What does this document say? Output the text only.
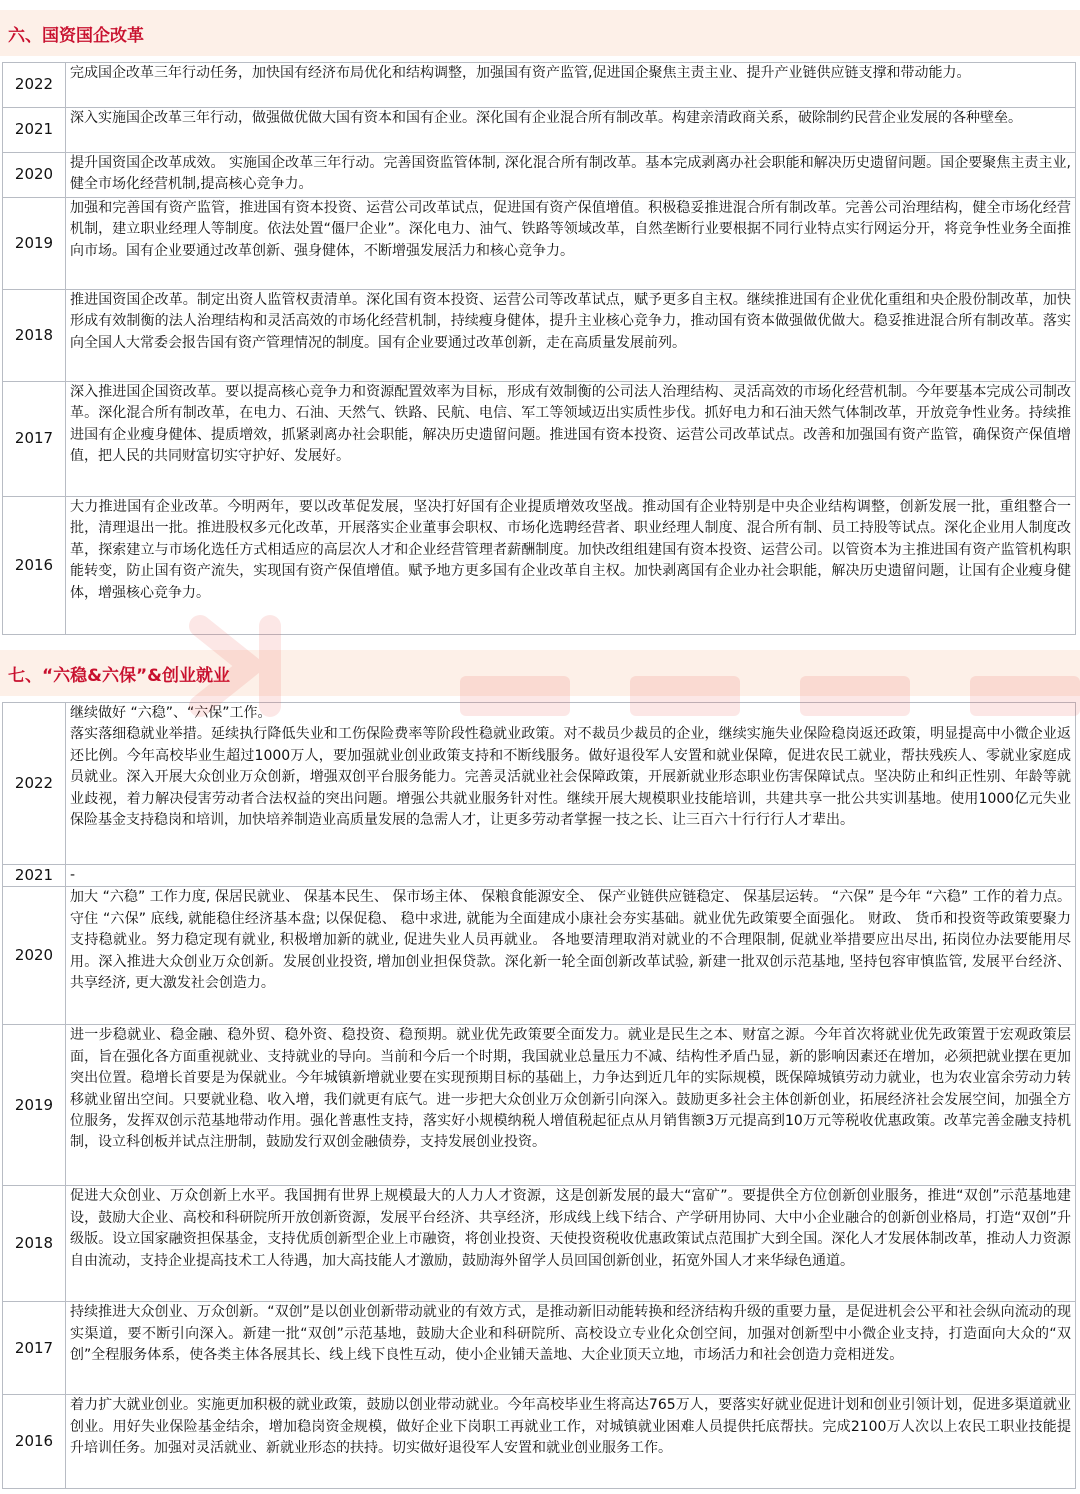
六、国资国企改革
2022	完成国企改革三年行动任务，加快国有经济布局优化和结构调整，加强国有资产监管,促进国企聚焦主责主业、提升产业链供应链支撑和带动能力。
2021	深入实施国企改革三年行动，做强做优做大国有资本和国有企业。深化国有企业混合所有制改革。构建亲清政商关系，破除制约民营企业发展的各种壁垒。
2020	提升国资国企改革成效。 实施国企改革三年行动。完善国资监管体制, 深化混合所有制改革。基本完成剥离办社会职能和解决历史遗留问题。国企要聚焦主责主业, 健全市场化经营机制,提高核心竞争力。
2019	加强和完善国有资产监管，推进国有资本投资、运营公司改革试点，促进国有资产保值增值。积极稳妥推进混合所有制改革。完善公司治理结构，健全市场化经营机制，建立职业经理人等制度。依法处置“僵尸企业”。深化电力、油气、铁路等领域改革，自然垄断行业要根据不同行业特点实行网运分开，将竞争性业务全面推向市场。国有企业要通过改革创新、强身健体，不断增强发展活力和核心竞争力。
2018	推进国资国企改革。制定出资人监管权责清单。深化国有资本投资、运营公司等改革试点，赋予更多自主权。继续推进国有企业优化重组和央企股份制改革，加快形成有效制衡的法人治理结构和灵活高效的市场化经营机制，持续瘦身健体，提升主业核心竞争力，推动国有资本做强做优做大。稳妥推进混合所有制改革。落实向全国人大常委会报告国有资产管理情况的制度。国有企业要通过改革创新，走在高质量发展前列。
2017	深入推进国企国资改革。要以提高核心竞争力和资源配置效率为目标，形成有效制衡的公司法人治理结构、灵活高效的市场化经营机制。今年要基本完成公司制改革。深化混合所有制改革，在电力、石油、天然气、铁路、民航、电信、军工等领域迈出实质性步伐。抓好电力和石油天然气体制改革，开放竞争性业务。持续推进国有企业瘦身健体、提质增效，抓紧剥离办社会职能，解决历史遗留问题。推进国有资本投资、运营公司改革试点。改善和加强国有资产监管，确保资产保值增值，把人民的共同财富切实守护好、发展好。
2016	大力推进国有企业改革。今明两年，要以改革促发展，坚决打好国有企业提质增效攻坚战。推动国有企业特别是中央企业结构调整，创新发展一批，重组整合一批，清理退出一批。推进股权多元化改革，开展落实企业董事会职权、市场化选聘经营者、职业经理人制度、混合所有制、员工持股等试点。深化企业用人制度改革，探索建立与市场化选任方式相适应的高层次人才和企业经营管理者薪酬制度。加快改组组建国有资本投资、运营公司。以管资本为主推进国有资产监管机构职能转变，防止国有资产流失，实现国有资产保值增值。赋予地方更多国有企业改革自主权。加快剥离国有企业办社会职能，解决历史遗留问题，让国有企业瘦身健体，增强核心竞争力。
七、“六稳&六保”&创业就业
2022	继续做好 “六稳”、“六保”工作。
落实落细稳就业举措。延续执行降低失业和工伤保险费率等阶段性稳就业政策。对不裁员少裁员的企业，继续实施失业保险稳岗返还政策，明显提高中小微企业返还比例。今年高校毕业生超过1000万人，要加强就业创业政策支持和不断线服务。做好退役军人安置和就业保障，促进农民工就业，帮扶残疾人、零就业家庭成员就业。深入开展大众创业万众创新，增强双创平台服务能力。完善灵活就业社会保障政策，开展新就业形态职业伤害保障试点。坚决防止和纠正性别、年龄等就业歧视，着力解决侵害劳动者合法权益的突出问题。增强公共就业服务针对性。继续开展大规模职业技能培训，共建共享一批公共实训基地。使用1000亿元失业保险基金支持稳岗和培训，加快培养制造业高质量发展的急需人才，让更多劳动者掌握一技之长、让三百六十行行行人才辈出。
2021	-
2020	加大 “六稳” 工作力度, 保居民就业、 保基本民生、 保市场主体、 保粮食能源安全、 保产业链供应链稳定、 保基层运转。 “六保” 是今年 “六稳” 工作的着力点。守住 “六保” 底线, 就能稳住经济基本盘; 以保促稳、 稳中求进, 就能为全面建成小康社会夯实基础。就业优先政策要全面强化。 财政、 货币和投资等政策要聚力支持稳就业。努力稳定现有就业, 积极增加新的就业, 促进失业人员再就业。 各地要清理取消对就业的不合理限制, 促就业举措要应出尽出, 拓岗位办法要能用尽用。深入推进大众创业万众创新。发展创业投资, 增加创业担保贷款。深化新一轮全面创新改革试验, 新建一批双创示范基地, 坚持包容审慎监管, 发展平台经济、 共享经济, 更大激发社会创造力。
2019	进一步稳就业、稳金融、稳外贸、稳外资、稳投资、稳预期。就业优先政策要全面发力。就业是民生之本、财富之源。今年首次将就业优先政策置于宏观政策层面，旨在强化各方面重视就业、支持就业的导向。当前和今后一个时期，我国就业总量压力不减、结构性矛盾凸显，新的影响因素还在增加，必须把就业摆在更加突出位置。稳增长首要是为保就业。今年城镇新增就业要在实现预期目标的基础上，力争达到近几年的实际规模，既保障城镇劳动力就业，也为农业富余劳动力转移就业留出空间。只要就业稳、收入增，我们就更有底气。进一步把大众创业万众创新引向深入。鼓励更多社会主体创新创业，拓展经济社会发展空间，加强全方位服务，发挥双创示范基地带动作用。强化普惠性支持，落实好小规模纳税人增值税起征点从月销售额3万元提高到10万元等税收优惠政策。改革完善金融支持机制，设立科创板并试点注册制，鼓励发行双创金融债券，支持发展创业投资。
2018	促进大众创业、万众创新上水平。我国拥有世界上规模最大的人力人才资源，这是创新发展的最大“富矿”。要提供全方位创新创业服务，推进“双创”示范基地建设，鼓励大企业、高校和科研院所开放创新资源，发展平台经济、共享经济，形成线上线下结合、产学研用协同、大中小企业融合的创新创业格局，打造“双创”升级版。设立国家融资担保基金，支持优质创新型企业上市融资，将创业投资、天使投资税收优惠政策试点范围扩大到全国。深化人才发展体制改革，推动人力资源自由流动，支持企业提高技术工人待遇，加大高技能人才激励，鼓励海外留学人员回国创新创业，拓宽外国人才来华绿色通道。
2017	持续推进大众创业、万众创新。“双创”是以创业创新带动就业的有效方式，是推动新旧动能转换和经济结构升级的重要力量，是促进机会公平和社会纵向流动的现实渠道，要不断引向深入。新建一批“双创”示范基地，鼓励大企业和科研院所、高校设立专业化众创空间，加强对创新型中小微企业支持，打造面向大众的“双创”全程服务体系，使各类主体各展其长、线上线下良性互动，使小企业铺天盖地、大企业顶天立地，市场活力和社会创造力竞相迸发。
2016	着力扩大就业创业。实施更加积极的就业政策，鼓励以创业带动就业。今年高校毕业生将高达765万人，要落实好就业促进计划和创业引领计划，促进多渠道就业创业。用好失业保险基金结余，增加稳岗资金规模，做好企业下岗职工再就业工作，对城镇就业困难人员提供托底帮扶。完成2100万人次以上农民工职业技能提升培训任务。加强对灵活就业、新就业形态的扶持。切实做好退役军人安置和就业创业服务工作。
